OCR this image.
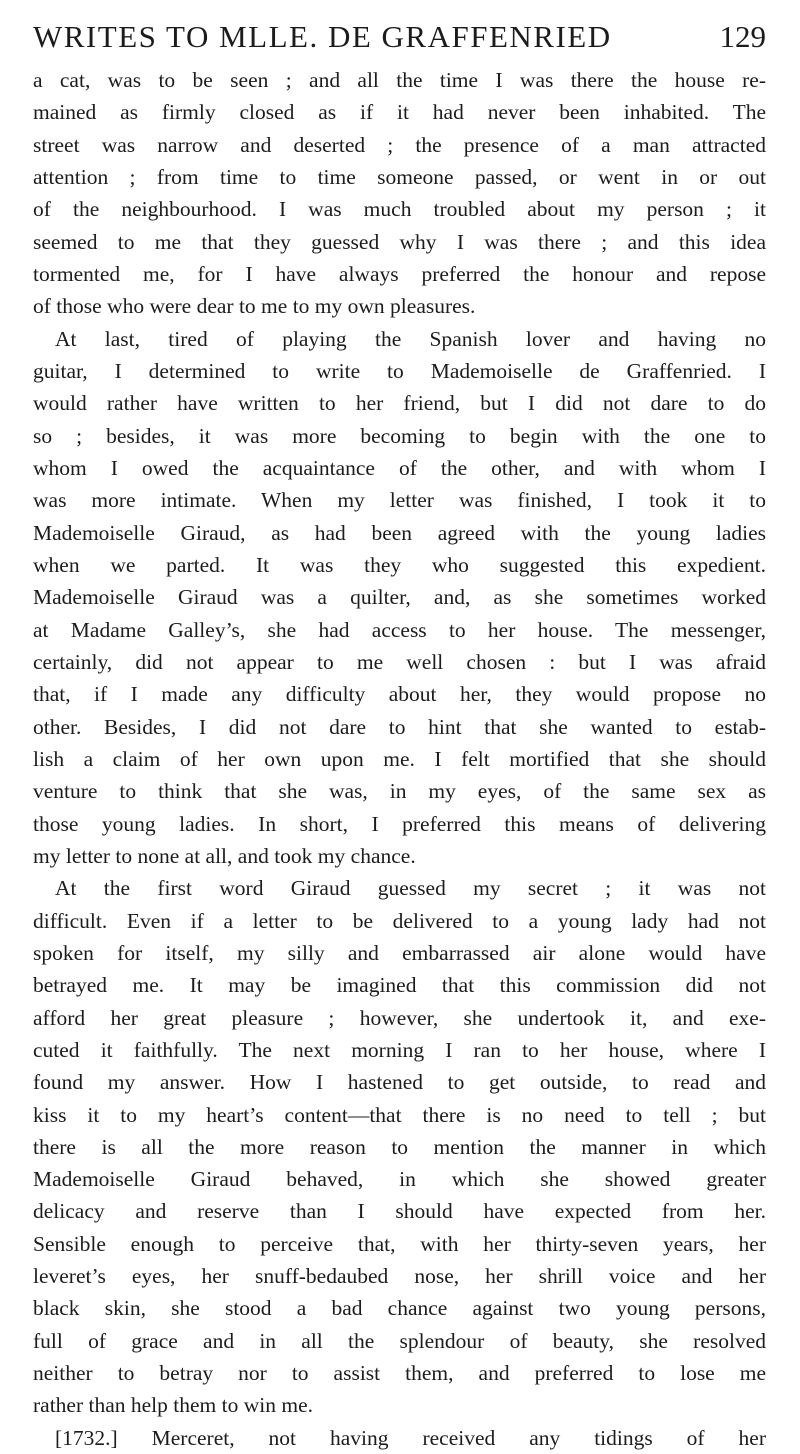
WRITES TO MLLE. DE GRAFFENRIED	129
a cat, was to be seen ; and all the time I was there the house re-
mained as firmly closed as if it had never been inhabited. The
street was narrow and deserted ; the presence of a man attracted
attention ; from time to time someone passed, or went in or out
of the neighbourhood. I was much troubled about my person ; it
seemed to me that they guessed why I was there ; and this idea
tormented me, for I have always preferred the honour and repose
of those who were dear to me to my own pleasures.
At last, tired of playing the Spanish lover and having no
guitar, I determined to write to Mademoiselle de Graffenried. I
would rather have written to her friend, but I did not dare to do
so ; besides, it was more becoming to begin with the one to
whom I owed the acquaintance of the other, and with whom I
was more intimate. When my letter was finished, I took it to
Mademoiselle Giraud, as had been agreed with the young ladies
when we parted. It was they who suggested this expedient.
Mademoiselle Giraud was a quilter, and, as she sometimes worked
at Madame Galley’s, she had access to her house. The messenger,
certainly, did not appear to me well chosen : but I was afraid
that, if I made any difficulty about her, they would propose no
other. Besides, I did not dare to hint that she wanted to estab-
lish a claim of her own upon me. I felt mortified that she should
venture to think that she was, in my eyes, of the same sex as
those young ladies. In short, I preferred this means of delivering
my letter to none at all, and took my chance.
At the first word Giraud guessed my secret ; it was not
difficult. Even if a letter to be delivered to a young lady had not
spoken for itself, my silly and embarrassed air alone would have
betrayed me. It may be imagined that this commission did not
afford her great pleasure ; however, she undertook it, and exe-
cuted it faithfully. The next morning I ran to her house, where I
found my answer. How I hastened to get outside, to read and
kiss it to my heart’s content—that there is no need to tell ; but
there is all the more reason to mention the manner in which
Mademoiselle Giraud behaved, in which she showed greater
delicacy and reserve than I should have expected from her.
Sensible enough to perceive that, with her thirty-seven years, her
leveret’s eyes, her snuff-bedaubed nose, her shrill voice and her
black skin, she stood a bad chance against two young persons,
full of grace and in all the splendour of beauty, she resolved
neither to betray nor to assist them, and preferred to lose me
rather than help them to win me.
[1732.] Merceret, not having received any tidings of her
